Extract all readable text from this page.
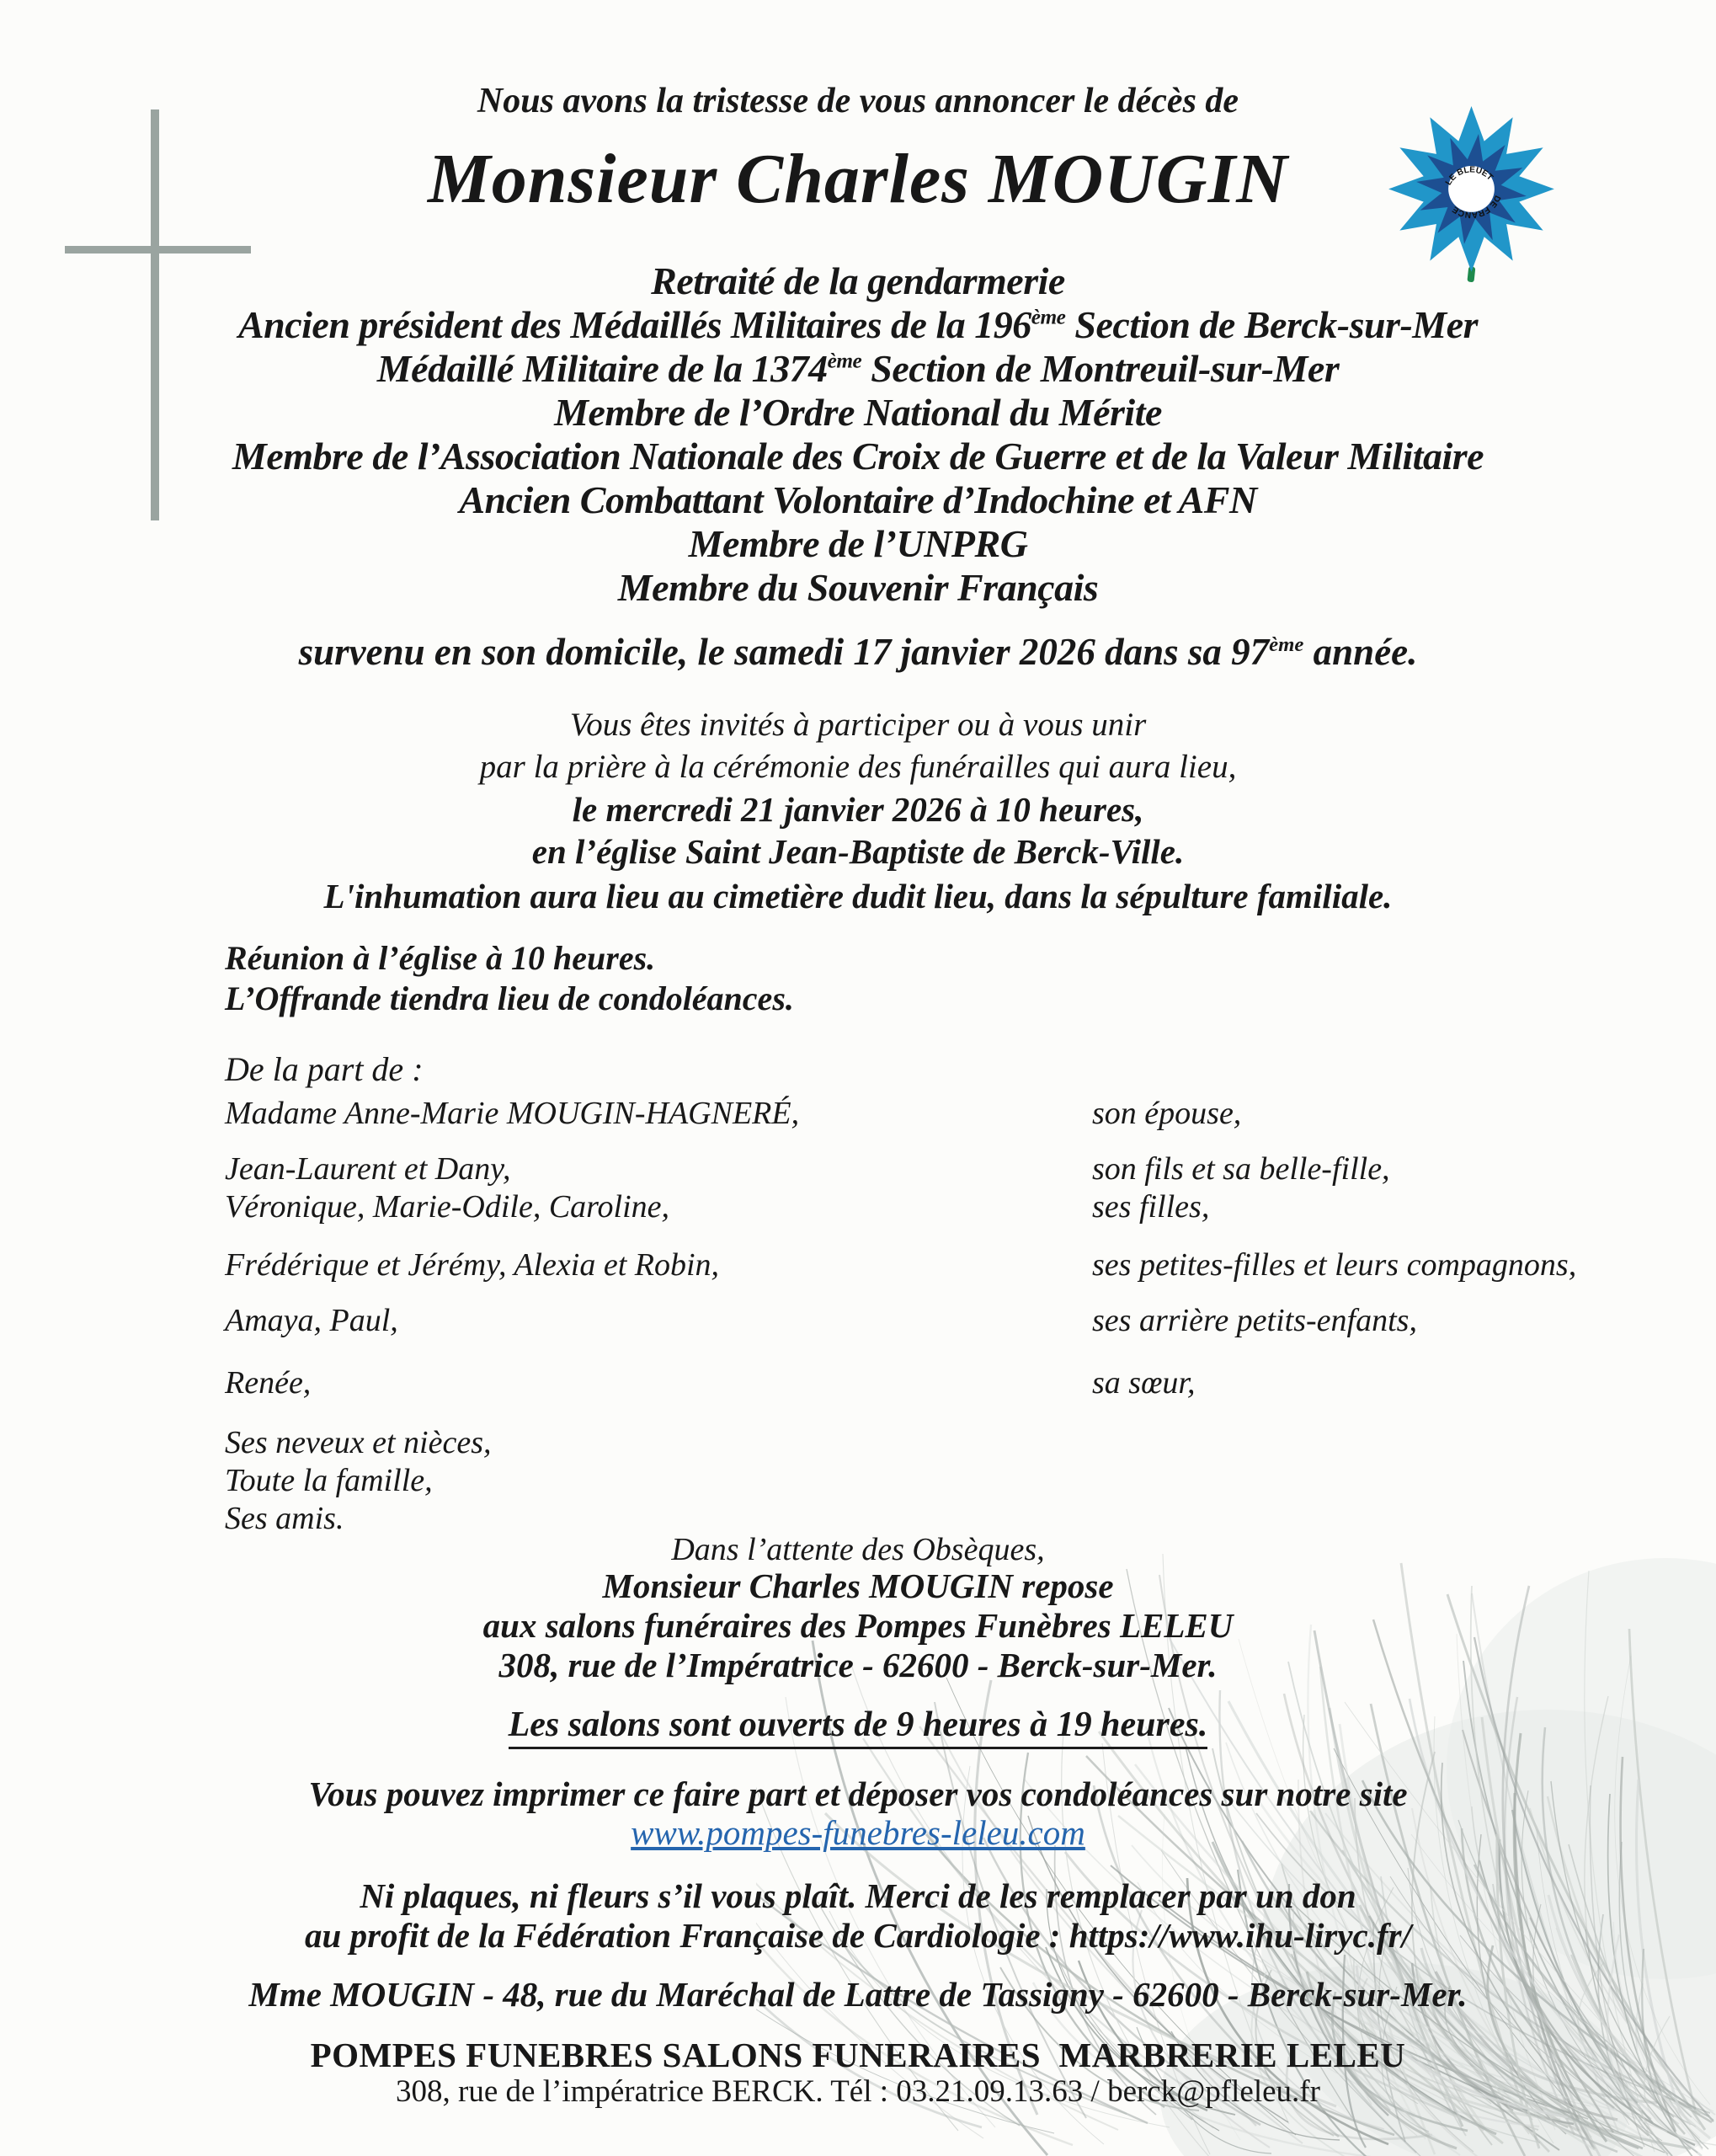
LE BLEUET
DE FRANCE
Nous avons la tristesse de vous annoncer le décès de
Monsieur Charles MOUGIN
Retraité de la gendarmerie
Ancien président des Médaillés Militaires de la 196ème Section de Berck-sur-Mer
Médaillé Militaire de la 1374ème Section de Montreuil-sur-Mer
Membre de l’Ordre National du Mérite
Membre de l’Association Nationale des Croix de Guerre et de la Valeur Militaire
Ancien Combattant Volontaire d’Indochine et AFN
Membre de l’UNPRG
Membre du Souvenir Français
survenu en son domicile, le samedi 17 janvier 2026 dans sa 97ème année.
Vous êtes invités à participer ou à vous unir
par la prière à la cérémonie des funérailles qui aura lieu,
le mercredi 21 janvier 2026 à 10 heures,
en l’église Saint Jean-Baptiste de Berck-Ville.
L'inhumation aura lieu au cimetière dudit lieu, dans la sépulture familiale.
Réunion à l’église à 10 heures.
L’Offrande tiendra lieu de condoléances.
De la part de :
Madame Anne-Marie MOUGIN-HAGNERÉ,	son épouse,
Jean-Laurent et Dany,	son fils et sa belle-fille,
Véronique, Marie-Odile, Caroline,	ses filles,
Frédérique et Jérémy, Alexia et Robin,	ses petites-filles et leurs compagnons,
Amaya, Paul,	ses arrière petits-enfants,
Renée,	sa sœur,
Ses neveux et nièces,
Toute la famille,
Ses amis.
Dans l’attente des Obsèques,
Monsieur Charles MOUGIN repose
aux salons funéraires des Pompes Funèbres LELEU
308, rue de l’Impératrice - 62600 - Berck-sur-Mer.
Les salons sont ouverts de 9 heures à 19 heures.
Vous pouvez imprimer ce faire part et déposer vos condoléances sur notre site
www.pompes-funebres-leleu.com
Ni plaques, ni fleurs s’il vous plaît. Merci de les remplacer par un don
au profit de la Fédération Française de Cardiologie : https://www.ihu-liryc.fr/
Mme MOUGIN - 48, rue du Maréchal de Lattre de Tassigny - 62600 - Berck-sur-Mer.
POMPES FUNEBRES SALONS FUNERAIRES  MARBRERIE LELEU
308, rue de l’impératrice BERCK. Tél : 03.21.09.13.63 / berck@pfleleu.fr
